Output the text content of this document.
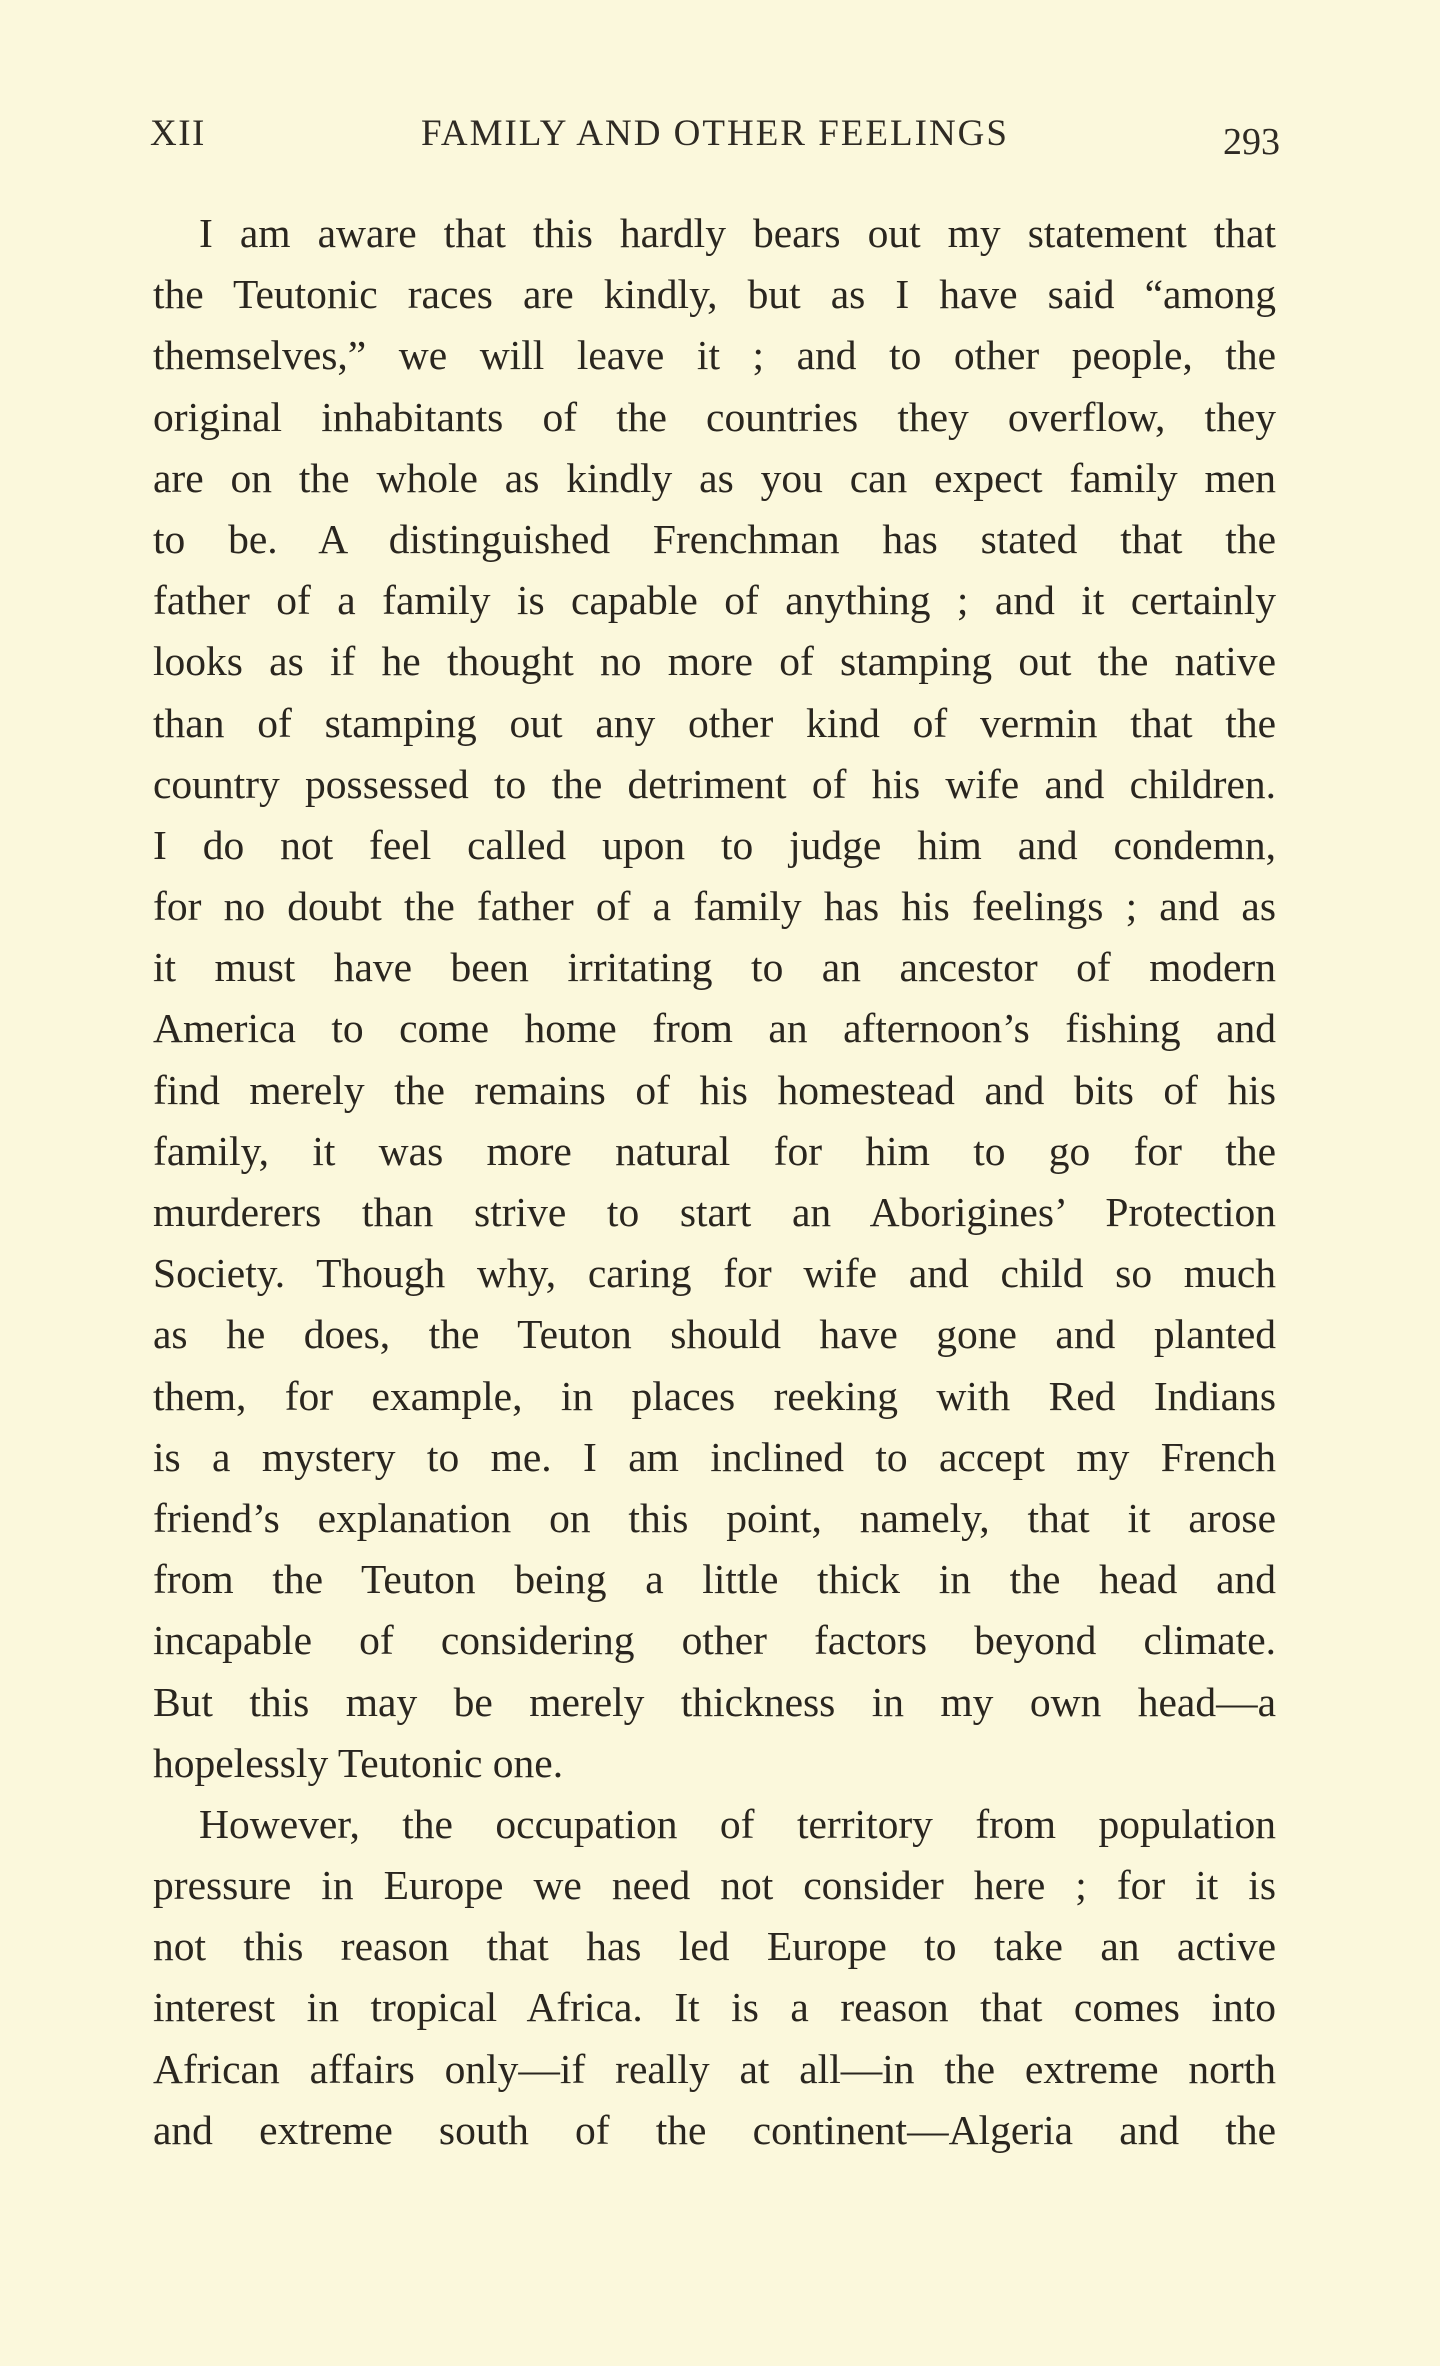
XII	FAMILY AND OTHER FEELINGS	293
I am aware that this hardly bears out my statement that
the Teutonic races are kindly, but as I have said “among
themselves,” we will leave it ; and to other people, the
original inhabitants of the countries they overflow, they
are on the whole as kindly as you can expect family men
to be. A distinguished Frenchman has stated that the
father of a family is capable of anything ; and it certainly
looks as if he thought no more of stamping out the native
than of stamping out any other kind of vermin that the
country possessed to the detriment of his wife and children.
I do not feel called upon to judge him and condemn,
for no doubt the father of a family has his feelings ; and as
it must have been irritating to an ancestor of modern
America to come home from an afternoon’s fishing and
find merely the remains of his homestead and bits of his
family, it was more natural for him to go for the
murderers than strive to start an Aborigines’ Protection
Society. Though why, caring for wife and child so much
as he does, the Teuton should have gone and planted
them, for example, in places reeking with Red Indians
is a mystery to me. I am inclined to accept my French
friend’s explanation on this point, namely, that it arose
from the Teuton being a little thick in the head and
incapable of considering other factors beyond climate.
But this may be merely thickness in my own head—a
hopelessly Teutonic one.
However, the occupation of territory from population
pressure in Europe we need not consider here ; for it is
not this reason that has led Europe to take an active
interest in tropical Africa. It is a reason that comes into
African affairs only—if really at all—in the extreme north
and extreme south of the continent—Algeria and the
